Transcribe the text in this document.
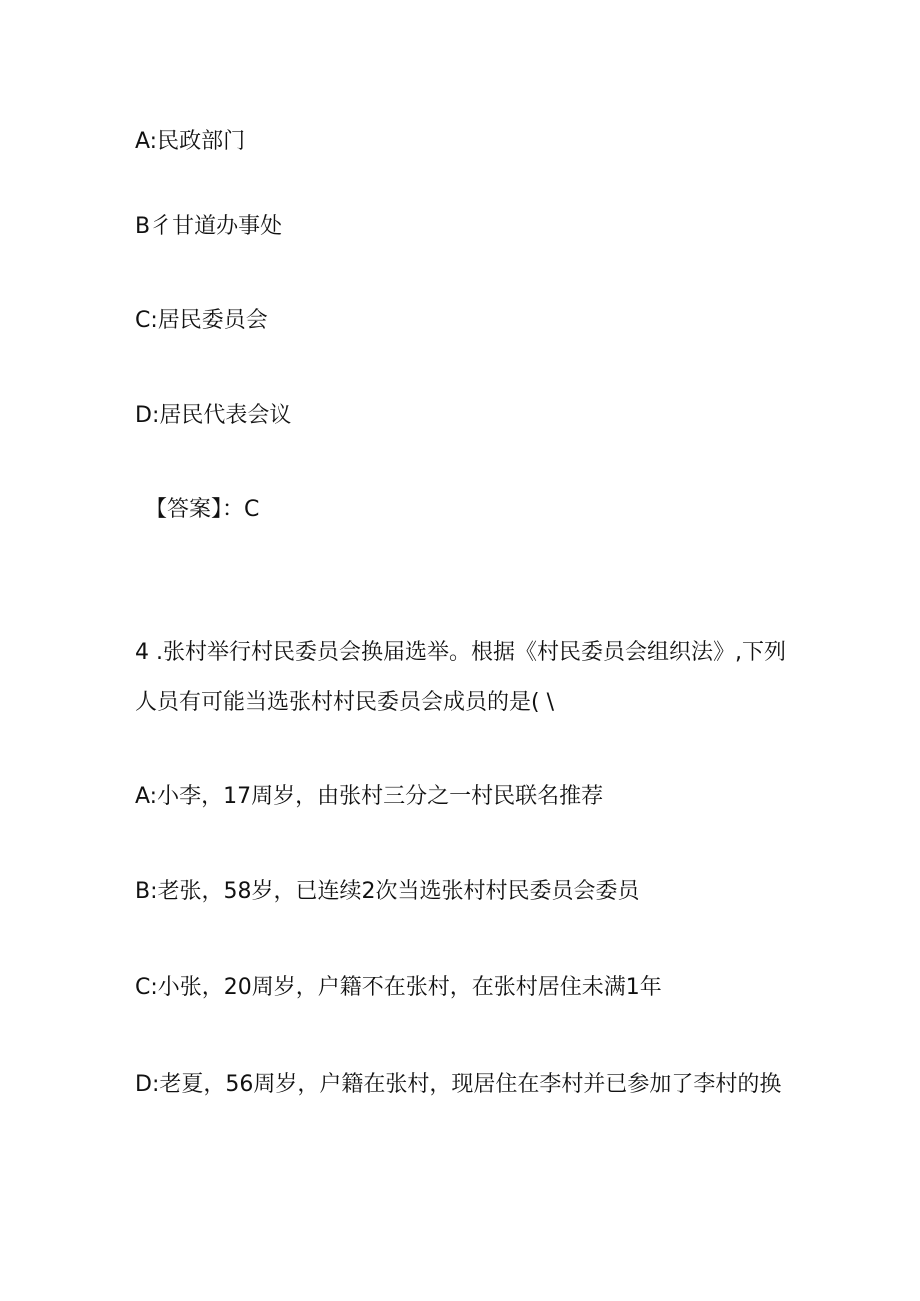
A:民政部门
B彳甘道办事处
C:居民委员会
D:居民代表会议
【答案】：C
4 .张村举行村民委员会换届选举。根据《村民委员会组织法》,下列
人员有可能当选张村村民委员会成员的是( \
A:小李，17周岁，由张村三分之一村民联名推荐
B:老张，58岁，已连续2次当选张村村民委员会委员
C:小张，20周岁，户籍不在张村，在张村居住未满1年
D:老夏，56周岁，户籍在张村，现居住在李村并已参加了李村的换
